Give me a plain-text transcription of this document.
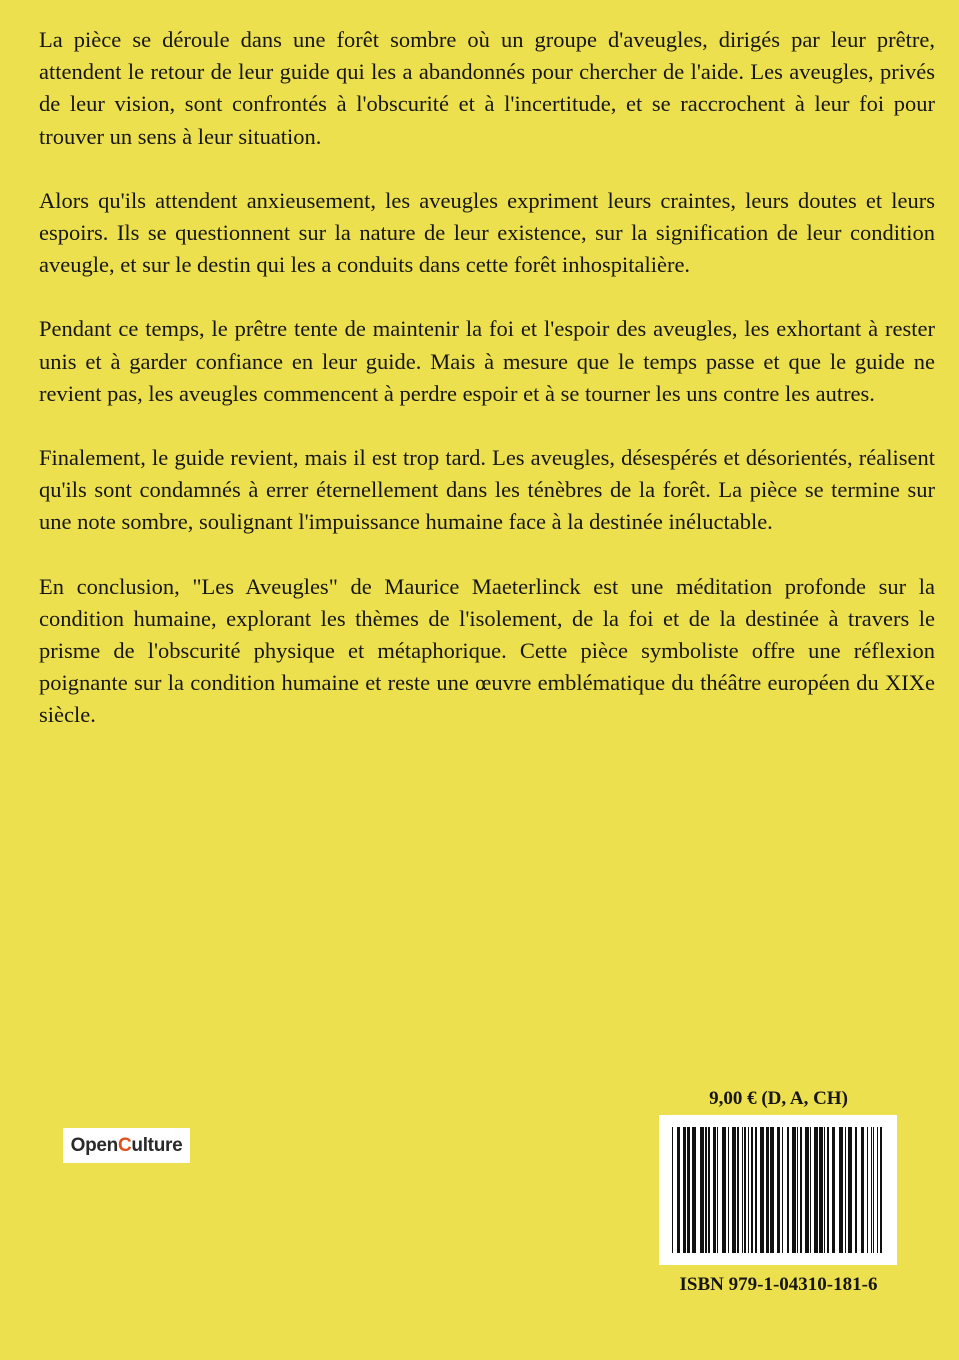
La pièce se déroule dans une forêt sombre où un groupe d'aveugles, dirigés par leur prêtre, attendent le retour de leur guide qui les a abandonnés pour chercher de l'aide. Les aveugles, privés de leur vision, sont confrontés à l'obscurité et à l'incertitude, et se raccrochent à leur foi pour trouver un sens à leur situation.

Alors qu'ils attendent anxieusement, les aveugles expriment leurs craintes, leurs doutes et leurs espoirs. Ils se questionnent sur la nature de leur existence, sur la signification de leur condition aveugle, et sur le destin qui les a conduits dans cette forêt inhospitalière.

Pendant ce temps, le prêtre tente de maintenir la foi et l'espoir des aveugles, les exhortant à rester unis et à garder confiance en leur guide. Mais à mesure que le temps passe et que le guide ne revient pas, les aveugles commencent à perdre espoir et à se tourner les uns contre les autres.

Finalement, le guide revient, mais il est trop tard. Les aveugles, désespérés et désorientés, réalisent qu'ils sont condamnés à errer éternellement dans les ténèbres de la forêt. La pièce se termine sur une note sombre, soulignant l'impuissance humaine face à la destinée inéluctable.

En conclusion, "Les Aveugles" de Maurice Maeterlinck est une méditation profonde sur la condition humaine, explorant les thèmes de l'isolement, de la foi et de la destinée à travers le prisme de l'obscurité physique et métaphorique. Cette pièce symboliste offre une réflexion poignante sur la condition humaine et reste une œuvre emblématique du théâtre européen du XIXe siècle.

Open C ulture
9,00 € (D, A, CH)
ISBN 979-1-04310-181-6
